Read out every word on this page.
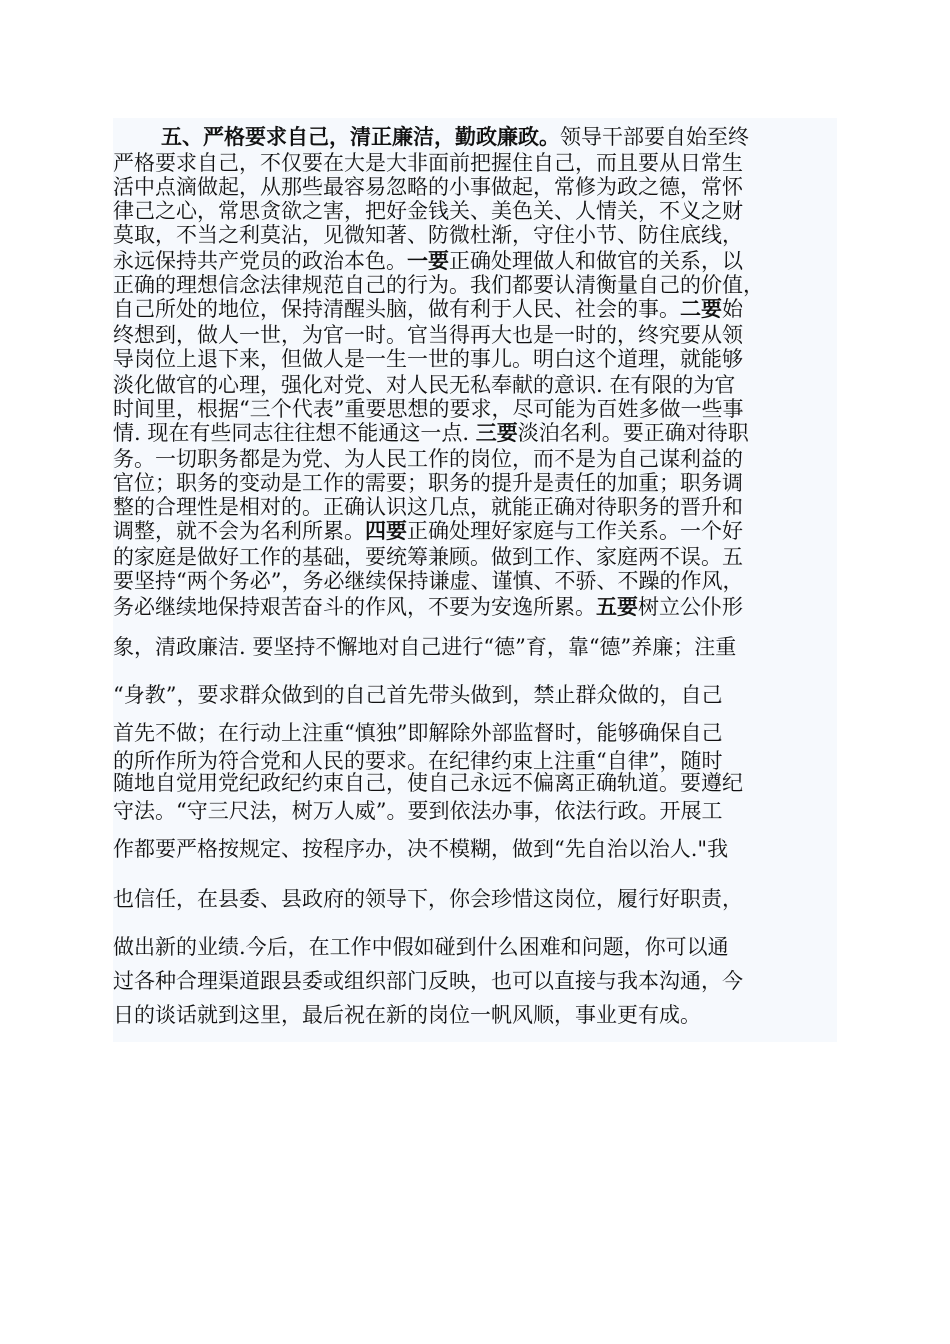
五、严格要求自己，清正廉洁，勤政廉政。领导干部要自始至终
严格要求自己，不仅要在大是大非面前把握住自己，而且要从日常生
活中点滴做起，从那些最容易忽略的小事做起，常修为政之德，常怀
律己之心，常思贪欲之害，把好金钱关、美色关、人情关，不义之财
莫取，不当之利莫沾，见微知著、防微杜渐，守住小节、防住底线，
永远保持共产党员的政治本色。一要正确处理做人和做官的关系，以
正确的理想信念法律规范自己的行为。我们都要认清衡量自己的价值，
自己所处的地位，保持清醒头脑，做有利于人民、社会的事。二要始
终想到，做人一世，为官一时。官当得再大也是一时的，终究要从领
导岗位上退下来，但做人是一生一世的事儿。明白这个道理，就能够
淡化做官的心理，强化对党、对人民无私奉献的意识. 在有限的为官
时间里，根据“三个代表”重要思想的要求，尽可能为百姓多做一些事
情. 现在有些同志往往想不能通这一点. 三要淡泊名利。要正确对待职
务。一切职务都是为党、为人民工作的岗位，而不是为自己谋利益的
官位；职务的变动是工作的需要；职务的提升是责任的加重；职务调
整的合理性是相对的。正确认识这几点，就能正确对待职务的晋升和
调整，就不会为名利所累。四要正确处理好家庭与工作关系。一个好
的家庭是做好工作的基础，要统筹兼顾。做到工作、家庭两不误。五
要坚持“两个务必”，务必继续保持谦虚、谨慎、不骄、不躁的作风，
务必继续地保持艰苦奋斗的作风，不要为安逸所累。五要树立公仆形
象，清政廉洁. 要坚持不懈地对自己进行“德”育，靠“德”养廉；注重
“身教”，要求群众做到的自己首先带头做到，禁止群众做的，自己
首先不做；在行动上注重“慎独”即解除外部监督时，能够确保自己
的所作所为符合党和人民的要求。在纪律约束上注重“自律”，随时
随地自觉用党纪政纪约束自己，使自己永远不偏离正确轨道。要遵纪
守法。“守三尺法，树万人威”。要到依法办事，依法行政。开展工
作都要严格按规定、按程序办，决不模糊，做到“先自治以治人."我
也信任，在县委、县政府的领导下，你会珍惜这岗位，履行好职责，
做出新的业绩.今后，在工作中假如碰到什么困难和问题，你可以通
过各种合理渠道跟县委或组织部门反映，也可以直接与我本沟通，今
日的谈话就到这里，最后祝在新的岗位一帆风顺，事业更有成。
